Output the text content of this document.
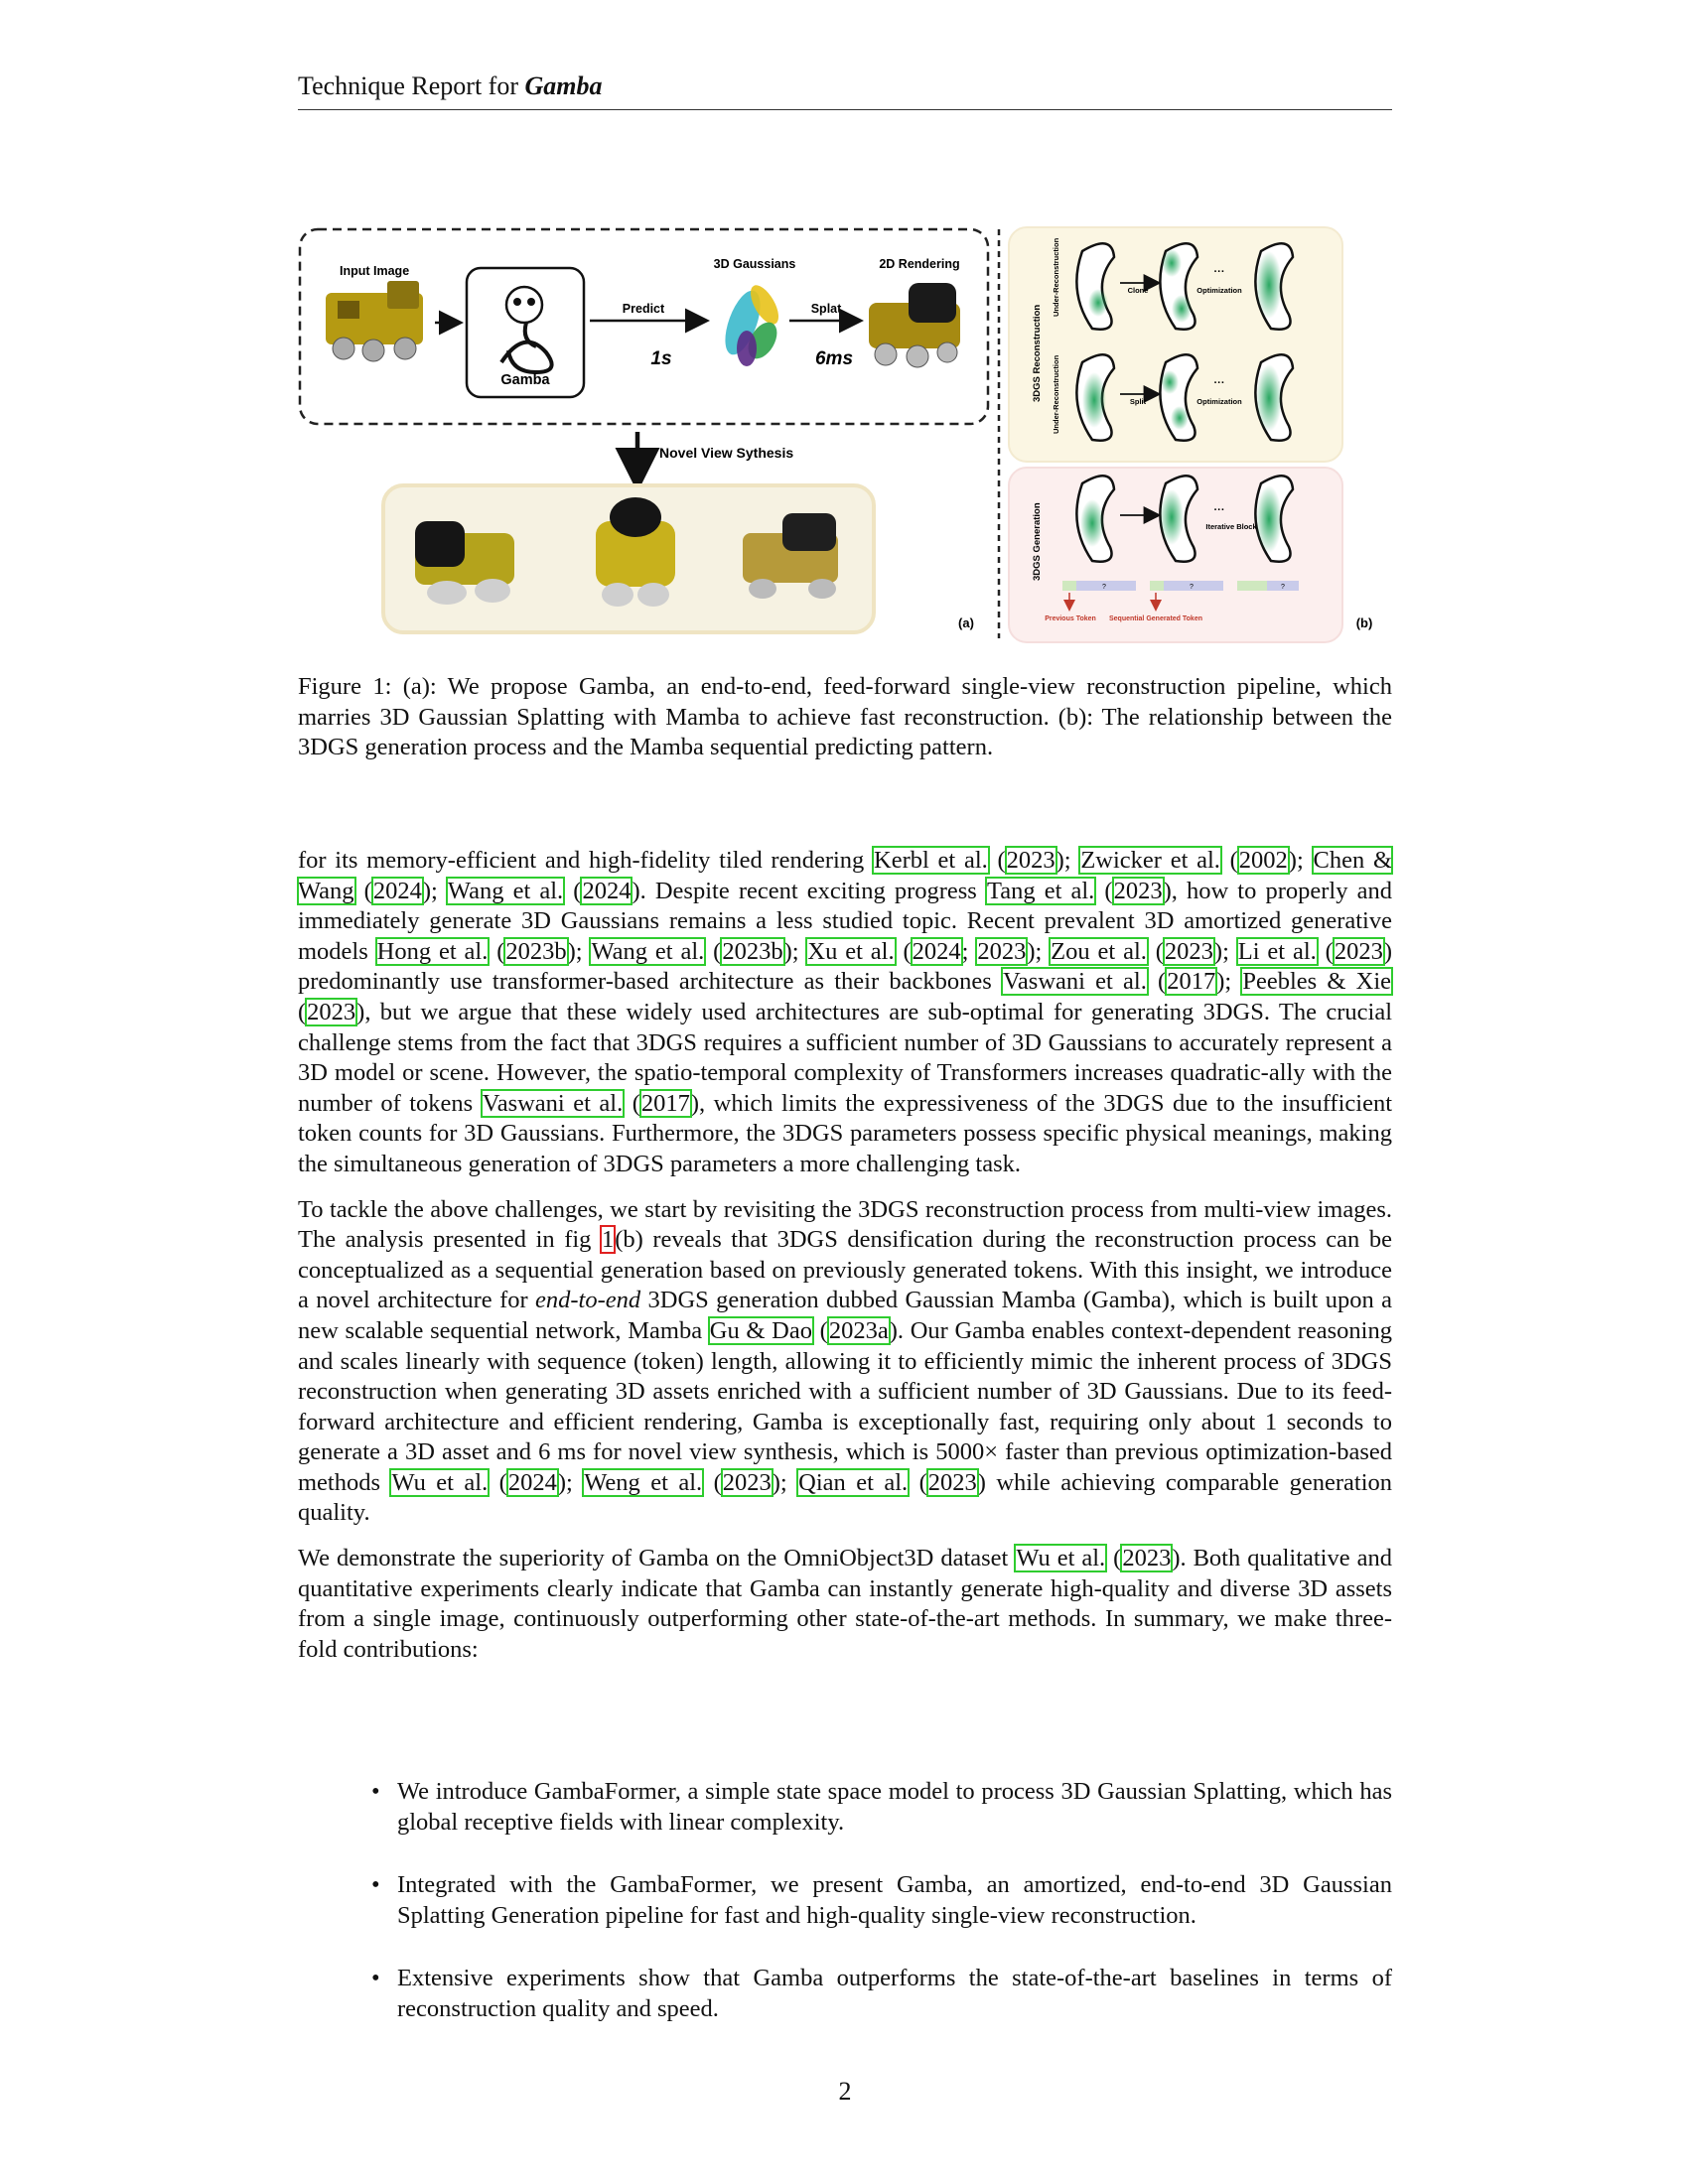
Technique Report for Gamba
Input Image
Gamba
Predict
1s
3D Gaussians
Splat
6ms
2D Rendering
Novel View Sythesis
(a)
3DGS Reconstruction
Under-Reconstruction
Under-Reconstruction
Clone
···
Optimization
Split
···
Optimization
3DGS Generation	···
Iterative Block
?	?	?
Previous Token Sequential Generated Token	(b)
Figure 1: (a): We propose Gamba, an end-to-end, feed-forward single-view reconstruction pipeline, which marries 3D Gaussian Splatting with Mamba to achieve fast reconstruction. (b): The relationship between the 3DGS generation process and the Mamba sequential predicting pattern.

for its memory-efficient and high-fidelity tiled rendering Kerbl et al. (2023); Zwicker et al. (2002); Chen & Wang (2024); Wang et al. (2024). Despite recent exciting progress Tang et al. (2023), how to properly and immediately generate 3D Gaussians remains a less studied topic. Recent prevalent 3D amortized generative models Hong et al. (2023b); Wang et al. (2023b); Xu et al. (2024; 2023); Zou et al. (2023); Li et al. (2023) predominantly use transformer-based architecture as their backbones Vaswani et al. (2017); Peebles & Xie (2023), but we argue that these widely used architectures are sub-optimal for generating 3DGS. The crucial challenge stems from the fact that 3DGS requires a sufficient number of 3D Gaussians to accurately represent a 3D model or scene. However, the spatio-temporal complexity of Transformers increases quadratic-ally with the number of tokens Vaswani et al. (2017), which limits the expressiveness of the 3DGS due to the insufficient token counts for 3D Gaussians. Furthermore, the 3DGS parameters possess specific physical meanings, making the simultaneous generation of 3DGS parameters a more challenging task.

To tackle the above challenges, we start by revisiting the 3DGS reconstruction process from multi-view images. The analysis presented in fig 1(b) reveals that 3DGS densification during the reconstruction process can be conceptualized as a sequential generation based on previously generated tokens. With this insight, we introduce a novel architecture for end-to-end 3DGS generation dubbed Gaussian Mamba (Gamba), which is built upon a new scalable sequential network, Mamba Gu & Dao (2023a). Our Gamba enables context-dependent reasoning and scales linearly with sequence (token) length, allowing it to efficiently mimic the inherent process of 3DGS reconstruction when generating 3D assets enriched with a sufficient number of 3D Gaussians. Due to its feed-forward architecture and efficient rendering, Gamba is exceptionally fast, requiring only about 1 seconds to generate a 3D asset and 6 ms for novel view synthesis, which is 5000× faster than previous optimization-based methods Wu et al. (2024); Weng et al. (2023); Qian et al. (2023) while achieving comparable generation quality.

We demonstrate the superiority of Gamba on the OmniObject3D dataset Wu et al. (2023). Both qualitative and quantitative experiments clearly indicate that Gamba can instantly generate high-quality and diverse 3D assets from a single image, continuously outperforming other state-of-the-art methods. In summary, we make three-fold contributions:

• We introduce GambaFormer, a simple state space model to process 3D Gaussian Splatting, which has global receptive fields with linear complexity.
• Integrated with the GambaFormer, we present Gamba, an amortized, end-to-end 3D Gaussian Splatting Generation pipeline for fast and high-quality single-view reconstruction.
• Extensive experiments show that Gamba outperforms the state-of-the-art baselines in terms of reconstruction quality and speed.
2
